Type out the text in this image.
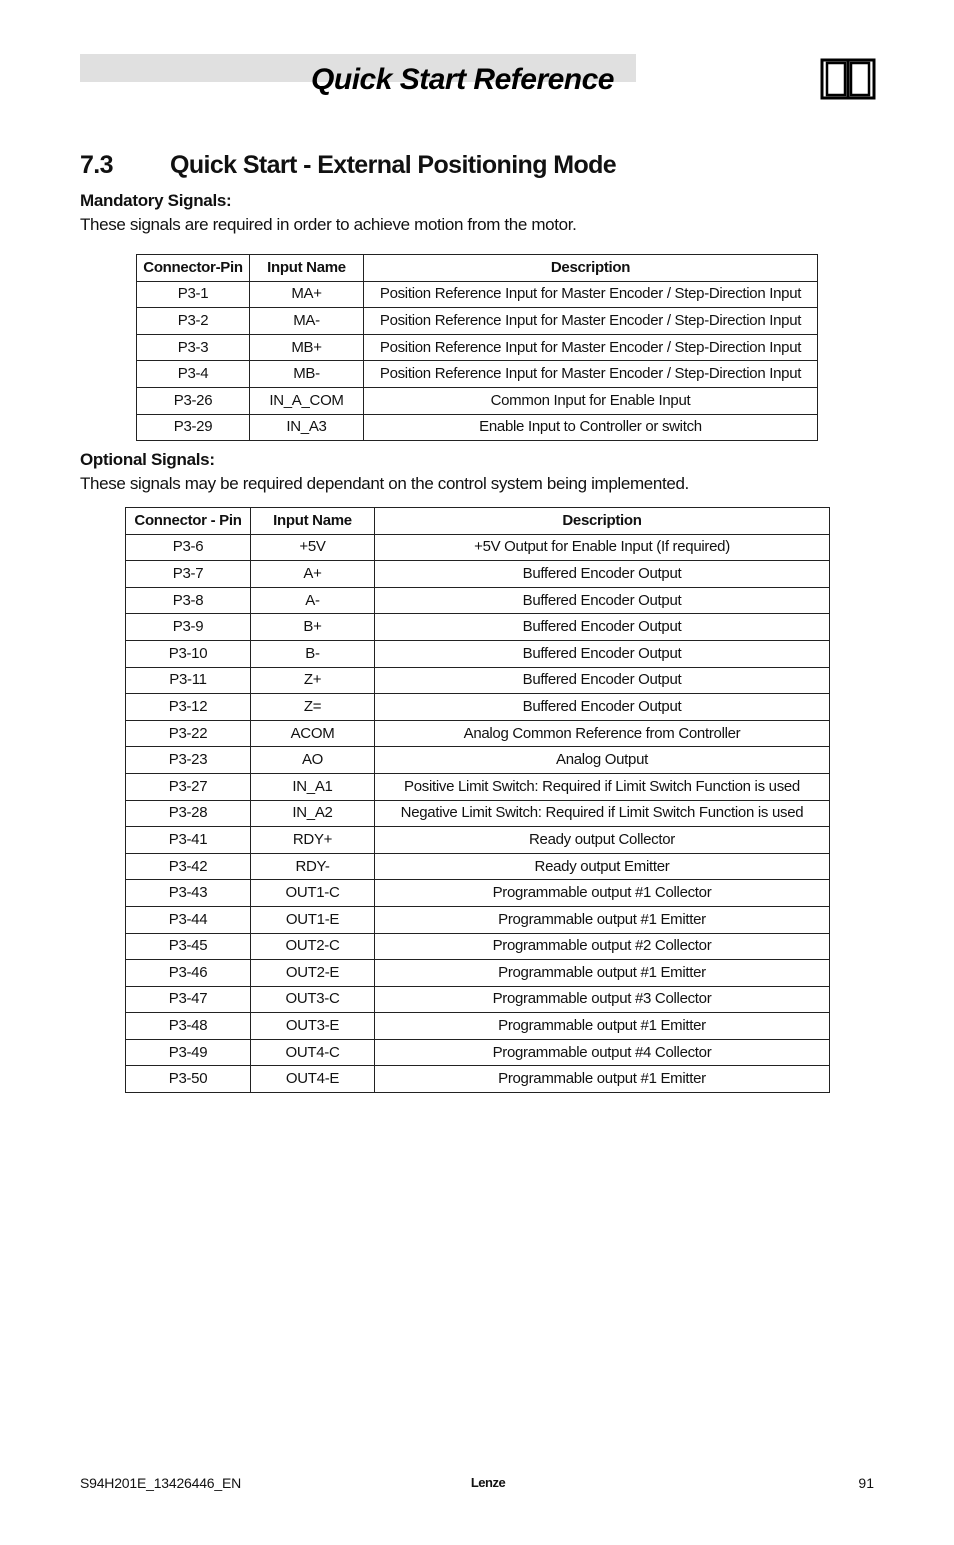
Quick Start Reference
7.3 Quick Start - External Positioning Mode
Mandatory Signals:
These signals are required in order to achieve motion from the motor.
Connector-Pin	Input Name	Description
P3-1	MA+	Position Reference Input for Master Encoder / Step-Direction Input
P3-2	MA-	Position Reference Input for Master Encoder / Step-Direction Input
P3-3	MB+	Position Reference Input for Master Encoder / Step-Direction Input
P3-4	MB-	Position Reference Input for Master Encoder / Step-Direction Input
P3-26	IN_A_COM	Common Input for Enable Input
P3-29	IN_A3	Enable Input to Controller or switch
Optional Signals:
These signals may be required dependant on the control system being implemented.
Connector - Pin	Input Name	Description
P3-6	+5V	+5V Output for Enable Input (If required)
P3-7	A+	Buffered Encoder Output
P3-8	A-	Buffered Encoder Output
P3-9	B+	Buffered Encoder Output
P3-10	B-	Buffered Encoder Output
P3-11	Z+	Buffered Encoder Output
P3-12	Z=	Buffered Encoder Output
P3-22	ACOM	Analog Common Reference from Controller
P3-23	AO	Analog Output
P3-27	IN_A1	Positive Limit Switch: Required if Limit Switch Function is used
P3-28	IN_A2	Negative Limit Switch: Required if Limit Switch Function is used
P3-41	RDY+	Ready output Collector
P3-42	RDY-	Ready output Emitter
P3-43	OUT1-C	Programmable output #1 Collector
P3-44	OUT1-E	Programmable output #1 Emitter
P3-45	OUT2-C	Programmable output #2 Collector
P3-46	OUT2-E	Programmable output #1 Emitter
P3-47	OUT3-C	Programmable output #3 Collector
P3-48	OUT3-E	Programmable output #1 Emitter
P3-49	OUT4-C	Programmable output #4 Collector
P3-50	OUT4-E	Programmable output #1 Emitter
S94H201E_13426446_EN	Lenze	91
